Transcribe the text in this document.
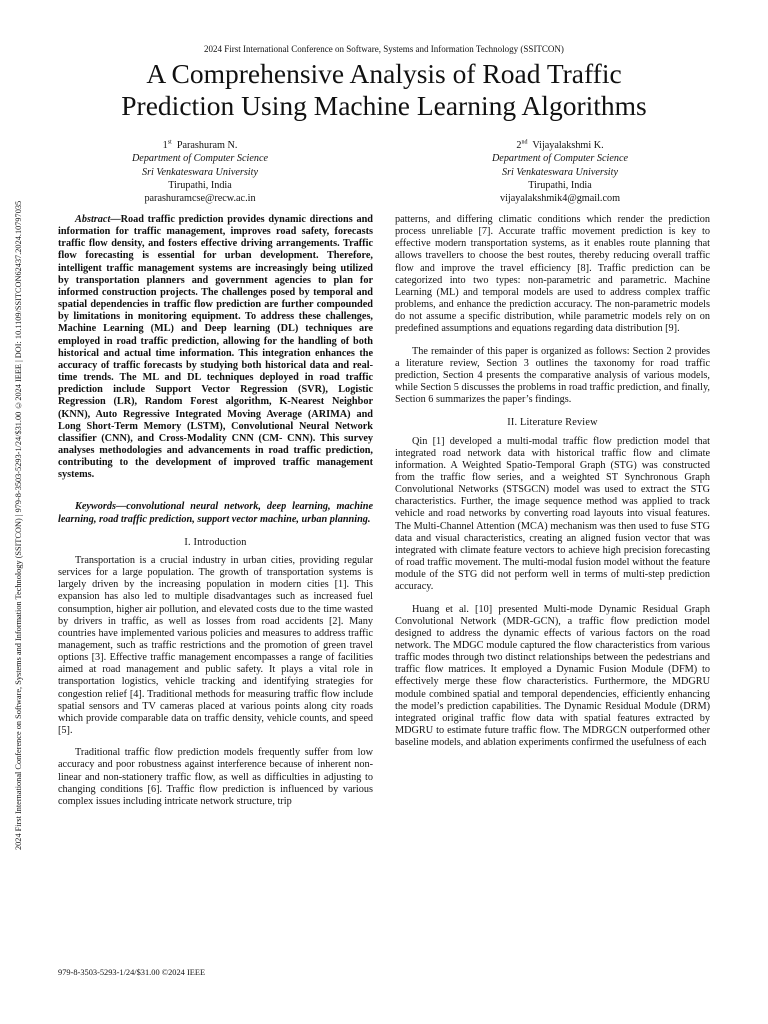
2024 First International Conference on Software, Systems and Information Technology (SSITCON) | 979-8-3503-5293-1/24/$31.00 ©2024 IEEE | DOI: 10.1109/SSITCON62437.2024.10797035
2024 First International Conference on Software, Systems and Information Technology (SSITCON)
A Comprehensive Analysis of Road Traffic
Prediction Using Machine Learning Algorithms
1st Parashuram N.
Department of Computer Science
Sri Venkateswara University
Tirupathi, India
parashuramcse@recw.ac.in
2nd Vijayalakshmi K.
Department of Computer Science
Sri Venkateswara University
Tirupathi, India
vijayalakshmik4@gmail.com

Abstract—Road traffic prediction provides dynamic directions and information for traffic management, improves road safety, forecasts traffic flow density, and fosters effective driving arrangements. Traffic flow forecasting is essential for urban development. Therefore, intelligent traffic management systems are increasingly being utilized by transportation planners and government agencies to plan for informed construction projects. The challenges posed by temporal and spatial dependencies in traffic flow prediction are further compounded by limitations in monitoring equipment. To address these challenges, Machine Learning (ML) and Deep learning (DL) techniques are employed in road traffic prediction, allowing for the handling of both historical and actual time information. This integration enhances the accuracy of traffic forecasts by studying both historical data and real-time trends. The ML and DL techniques deployed in road traffic prediction include Support Vector Regression (SVR), Logistic Regression (LR), Random Forest algorithm, K-Nearest Neighbor (KNN), Auto Regressive Integrated Moving Average (ARIMA) and Long Short-Term Memory (LSTM), Convolutional Neural Network classifier (CNN), and Cross-Modality CNN (CM- CNN). This survey analyses methodologies and advancements in road traffic prediction, contributing to the development of improved traffic management systems.

Keywords—convolutional neural network, deep learning, machine learning, road traffic prediction, support vector machine, urban planning.

I. Introduction

Transportation is a crucial industry in urban cities, providing regular services for a large population. The growth of transportation systems is largely driven by the increasing population in modern cities [1]. This expansion has also led to multiple disadvantages such as increased fuel consumption, higher air pollution, and elevated costs due to the time wasted by drivers in traffic, as well as losses from road accidents [2]. Many countries have implemented various policies and measures to address traffic management, such as traffic restrictions and the promotion of green travel options [3]. Effective traffic management encompasses a range of facilities aimed at road management and public safety. It plays a vital role in transportation logistics, vehicle tracking and identifying strategies for congestion relief [4]. Traditional methods for measuring traffic flow include spatial sensors and TV cameras placed at various points along city roads which provide comparable data on traffic density, vehicle counts, and speed [5].

Traditional traffic flow prediction models frequently suffer from low accuracy and poor robustness against interference because of inherent non-linear and non-stationery traffic flow, as well as difficulties in adjusting to changing conditions [6]. Traffic flow prediction is influenced by various complex issues including intricate network structure, trip

patterns, and differing climatic conditions which render the prediction process unreliable [7]. Accurate traffic movement prediction is key to effective modern transportation systems, as it enables route planning that allows travellers to choose the best routes, thereby reducing overall traffic flow and improve the travel efficiency [8]. Traffic prediction can be categorized into two types: non-parametric and parametric. Machine Learning (ML) and temporal models are used to address complex traffic problems, and enhance the prediction accuracy. The non-parametric models do not assume a specific distribution, while parametric models rely on on predefined assumptions and equations regarding data distribution [9].

The remainder of this paper is organized as follows: Section 2 provides a literature review, Section 3 outlines the taxonomy for road traffic prediction, Section 4 presents the comparative analysis of various models, while Section 5 discusses the problems in road traffic prediction, and finally, Section 6 summarizes the paper’s findings.

II. Literature Review

Qin [1] developed a multi-modal traffic flow prediction model that integrated road network data with historical traffic flow and climate information. A Weighted Spatio-Temporal Graph (STG) was constructed from the traffic flow series, and a weighted ST Synchronous Graph Convolutional Networks (STSGCN) model was used to extract the STG characteristics. Further, the image sequence method was applied to track vehicle and road networks by converting road layouts into visual features. The Multi-Channel Attention (MCA) mechanism was then used to fuse STG data and visual characteristics, creating an aligned fusion vector that was integrated with climate feature vectors to achieve high precision forecasting of road traffic movement. The multi-modal fusion model without the feature module of the STG did not perform well in terms of multi-step prediction accuracy.

Huang et al. [10] presented Multi-mode Dynamic Residual Graph Convolutional Network (MDR-GCN), a traffic flow prediction model designed to address the dynamic effects of various factors on the road network. The MDGC module captured the flow characteristics from various traffic modes through two distinct relationships between the pedestrians and traffic flow matrices. It employed a Dynamic Fusion Module (DFM) to effectively merge these flow characteristics. Furthermore, the MDGRU module combined spatial and temporal dependencies, efficiently enhancing the model’s prediction capabilities. The Dynamic Residual Module (DRM) integrated original traffic flow data with spatial features extracted by MDGRU to estimate future traffic flow. The MDRGCN outperformed other baseline models, and ablation experiments confirmed the usefulness of each

979-8-3503-5293-1/24/$31.00 ©2024 IEEE
